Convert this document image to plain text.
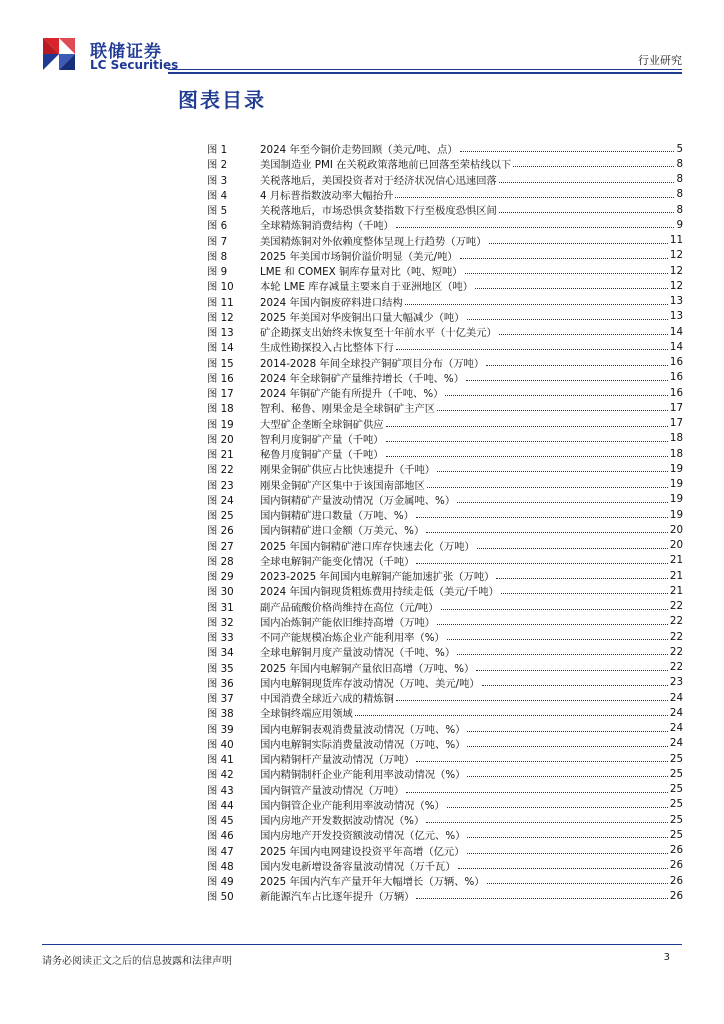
联储证券
LC Securities	行业研究
图表目录
图 1	2024 年至今铜价走势回顾（美元/吨、点）	5
图 2	美国制造业 PMI 在关税政策落地前已回落至荣枯线以下	8
图 3	关税落地后，美国投资者对于经济状况信心迅速回落	8
图 4	4 月标普指数波动率大幅抬升	8
图 5	关税落地后，市场恐惧贪婪指数下行至极度恐惧区间	8
图 6	全球精炼铜消费结构（千吨）	9
图 7	美国精炼铜对外依赖度整体呈现上行趋势（万吨）	11
图 8	2025 年美国市场铜价溢价明显（美元/吨）	12
图 9	LME 和 COMEX 铜库存量对比（吨、短吨）	12
图 10	本轮 LME 库存减量主要来自于亚洲地区（吨）	12
图 11	2024 年国内铜废碎料进口结构	13
图 12	2025 年美国对华废铜出口量大幅减少（吨）	13
图 13	矿企勘探支出始终未恢复至十年前水平（十亿美元）	14
图 14	生成性勘探投入占比整体下行	14
图 15	2014-2028 年间全球投产铜矿项目分布（万吨）	16
图 16	2024 年全球铜矿产量维持增长（千吨、%）	16
图 17	2024 年铜矿产能有所提升（千吨、%）	16
图 18	智利、秘鲁、刚果金是全球铜矿主产区	17
图 19	大型矿企垄断全球铜矿供应	17
图 20	智利月度铜矿产量（千吨）	18
图 21	秘鲁月度铜矿产量（千吨）	18
图 22	刚果金铜矿供应占比快速提升（千吨）	19
图 23	刚果金铜矿产区集中于该国南部地区	19
图 24	国内铜精矿产量波动情况（万金属吨、%）	19
图 25	国内铜精矿进口数量（万吨、%）	19
图 26	国内铜精矿进口金额（万美元、%）	20
图 27	2025 年国内铜精矿港口库存快速去化（万吨）	20
图 28	全球电解铜产能变化情况（千吨）	21
图 29	2023-2025 年间国内电解铜产能加速扩张（万吨）	21
图 30	2024 年国内铜现货粗炼费用持续走低（美元/千吨）	21
图 31	副产品硫酸价格尚维持在高位（元/吨）	22
图 32	国内冶炼铜产能依旧维持高增（万吨）	22
图 33	不同产能规模冶炼企业产能利用率（%）	22
图 34	全球电解铜月度产量波动情况（千吨、%）	22
图 35	2025 年国内电解铜产量依旧高增（万吨、%）	22
图 36	国内电解铜现货库存波动情况（万吨、美元/吨）	23
图 37	中国消费全球近六成的精炼铜	24
图 38	全球铜终端应用领域	24
图 39	国内电解铜表观消费量波动情况（万吨、%）	24
图 40	国内电解铜实际消费量波动情况（万吨、%）	24
图 41	国内精铜杆产量波动情况（万吨）	25
图 42	国内精铜制杆企业产能利用率波动情况（%）	25
图 43	国内铜管产量波动情况（万吨）	25
图 44	国内铜管企业产能利用率波动情况（%）	25
图 45	国内房地产开发数据波动情况（%）	25
图 46	国内房地产开发投资额波动情况（亿元、%）	25
图 47	2025 年国内电网建设投资平年高增（亿元）	26
图 48	国内发电新增设备容量波动情况（万千瓦）	26
图 49	2025 年国内汽车产量开年大幅增长（万辆、%）	26
图 50	新能源汽车占比逐年提升（万辆）	26
请务必阅读正文之后的信息披露和法律声明	3
